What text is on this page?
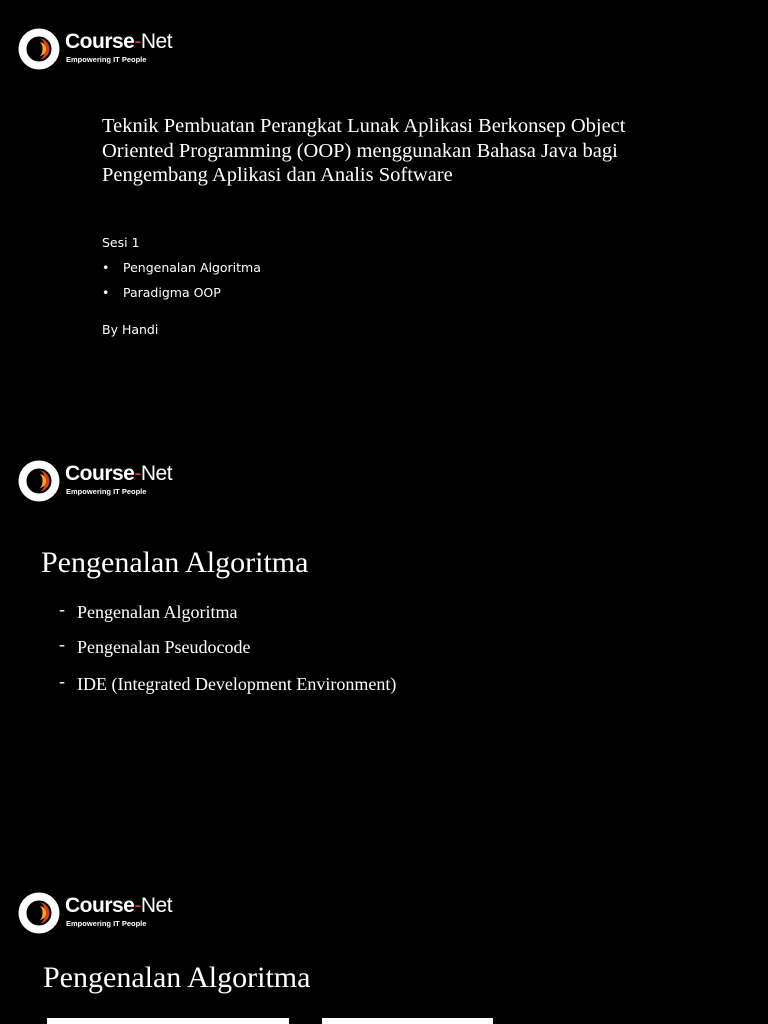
Course-Net
Empowering IT People
Teknik Pembuatan Perangkat Lunak Aplikasi Berkonsep Object Oriented Programming (OOP) menggunakan Bahasa Java bagi Pengembang Aplikasi dan Analis Software
Sesi 1
• Pengenalan Algoritma
• Paradigma OOP
By Handi
Course-Net
Empowering IT People
Pengenalan Algoritma
- Pengenalan Algoritma
- Pengenalan Pseudocode
- IDE (Integrated Development Environment)
Course-Net
Empowering IT People
Pengenalan Algoritma
